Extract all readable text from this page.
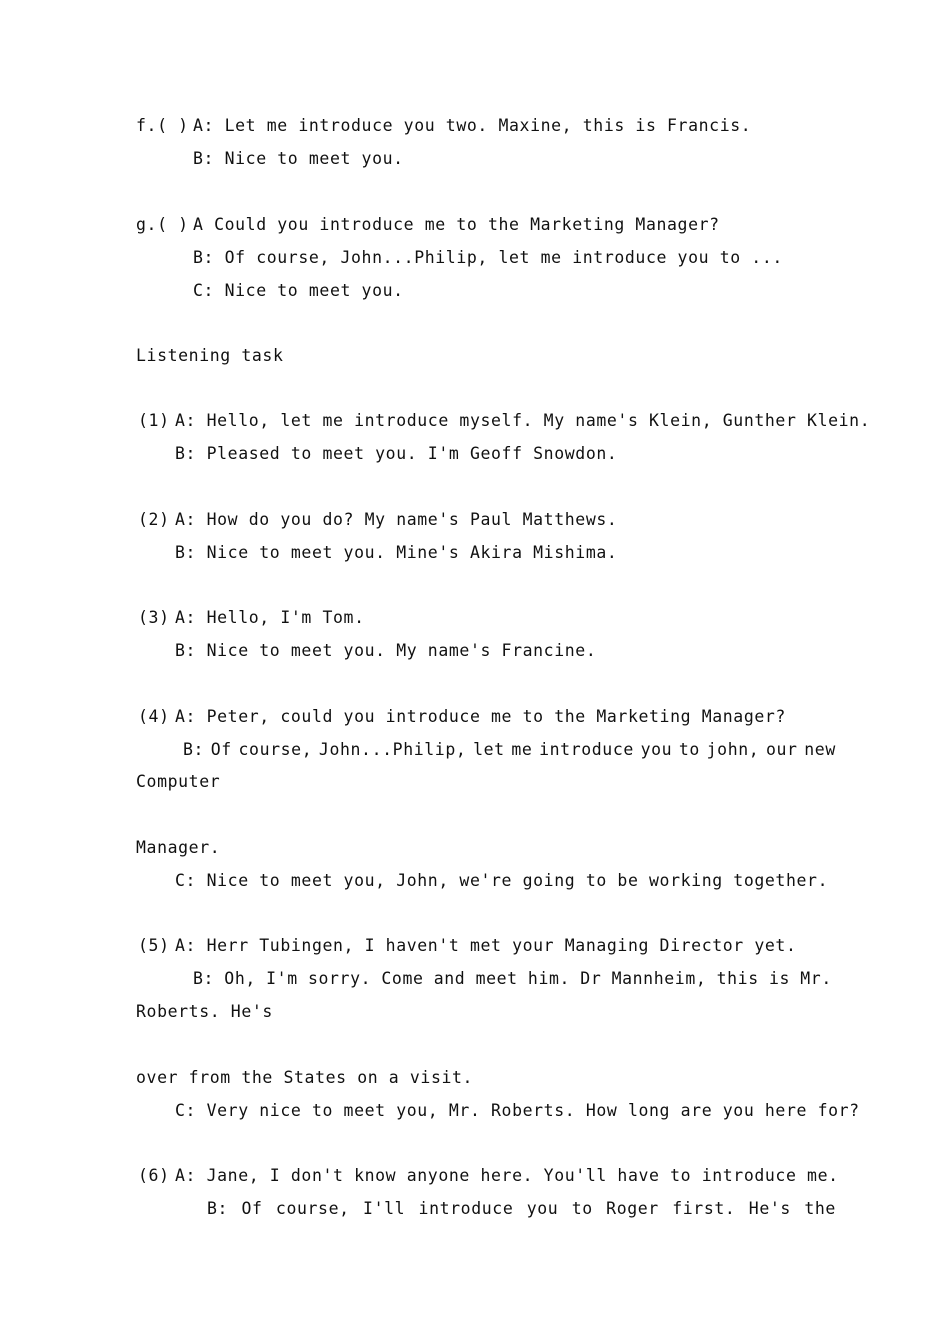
f.( ) A: Let me introduce you two. Maxine, this is Francis.
B: Nice to meet you.
g.( ) A Could you introduce me to the Marketing Manager?
B: Of course, John...Philip, let me introduce you to ...
C: Nice to meet you.
Listening task
(1) A: Hello, let me introduce myself. My name's Klein, Gunther Klein.
B: Pleased to meet you. I'm Geoff Snowdon.
(2) A: How do you do? My name's Paul Matthews.
B: Nice to meet you. Mine's Akira Mishima.
(3) A: Hello, I'm Tom.
B: Nice to meet you. My name's Francine.
(4) A: Peter, could you introduce me to the Marketing Manager?
B: Of course, John...Philip, let me introduce you to john, our new
Computer
Manager.
C: Nice to meet you, John, we're going to be working together.
(5) A: Herr Tubingen, I haven't met your Managing Director yet.
B: Oh, I'm sorry. Come and meet him. Dr Mannheim, this is Mr.
Roberts. He's
over from the States on a visit.
C: Very nice to meet you, Mr. Roberts. How long are you here for?
(6) A: Jane, I don't know anyone here. You'll have to introduce me.
B: Of course, I'll introduce you to Roger first. He's the
